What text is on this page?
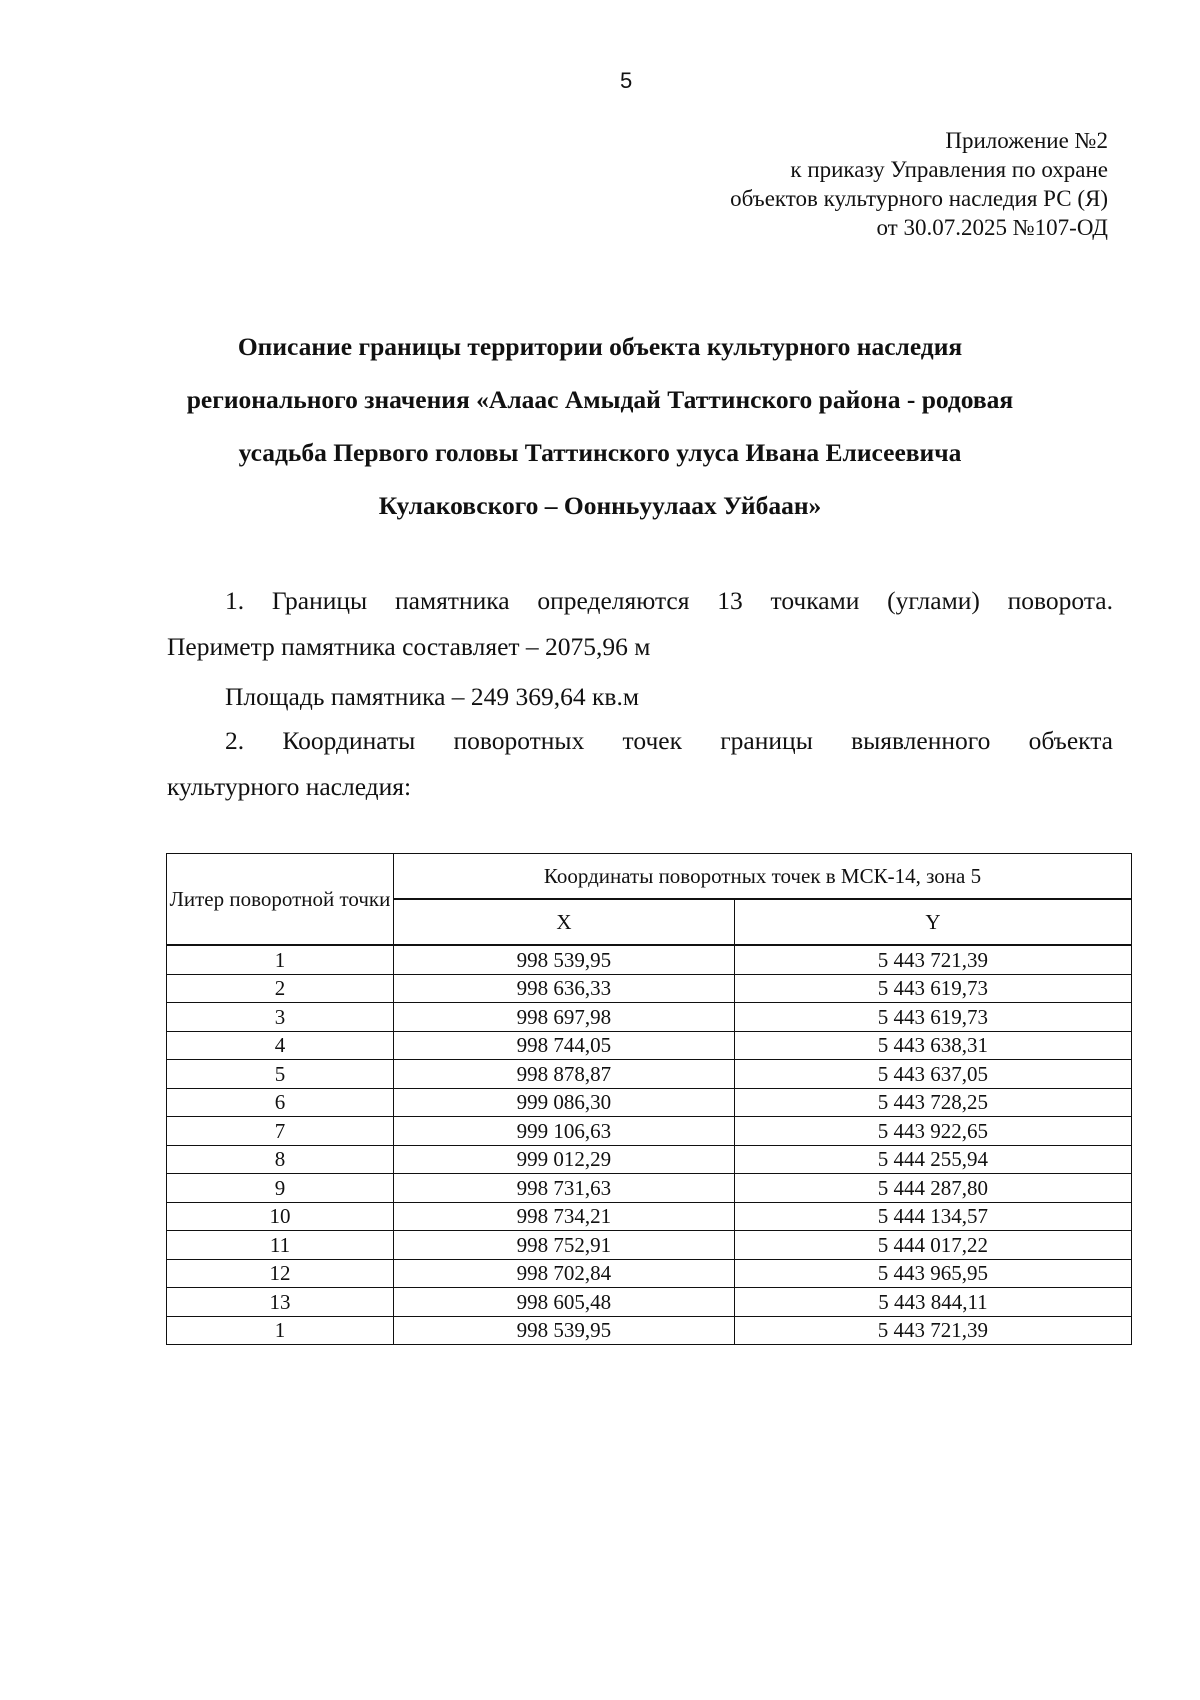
5
Приложение №2
к приказу Управления по охране
объектов культурного наследия РС (Я)
от 30.07.2025 №107-ОД
Описание границы территории объекта культурного наследия
регионального значения «Алаас Амыдай Таттинского района - родовая
усадьба Первого головы Таттинского улуса Ивана Елисеевича
Кулаковского – Оонньуулаах Уйбаан»
1. Границы памятника определяются 13 точками (углами) поворота.
Периметр памятника составляет – 2075,96 м
Площадь памятника – 249 369,64 кв.м
2. Координаты поворотных точек границы выявленного объекта
культурного наследия:
Литер поворотной точки	Координаты поворотных точек в МСК-14, зона 5	
	X	Y
1	998 539,95	5 443 721,39
2	998 636,33	5 443 619,73
3	998 697,98	5 443 619,73
4	998 744,05	5 443 638,31
5	998 878,87	5 443 637,05
6	999 086,30	5 443 728,25
7	999 106,63	5 443 922,65
8	999 012,29	5 444 255,94
9	998 731,63	5 444 287,80
10	998 734,21	5 444 134,57
11	998 752,91	5 444 017,22
12	998 702,84	5 443 965,95
13	998 605,48	5 443 844,11
1	998 539,95	5 443 721,39
